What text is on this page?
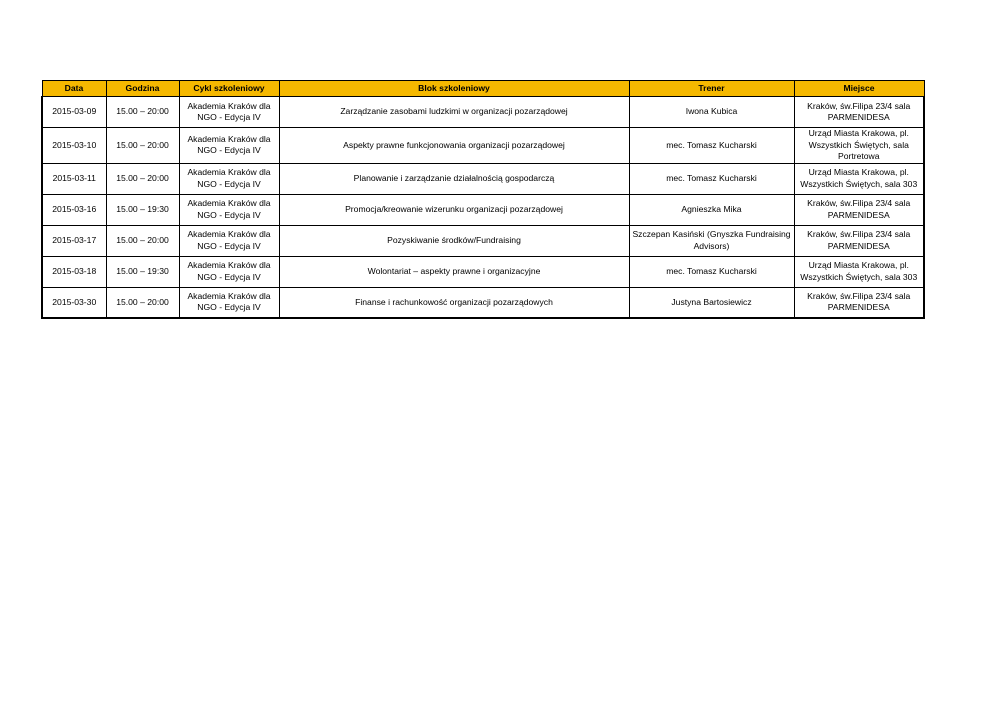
Data	Godzina	Cykl szkoleniowy	Blok szkoleniowy	Trener	Miejsce
2015-03-09	15.00 – 20:00	Akademia Kraków dla NGO - Edycja IV	Zarządzanie zasobami ludzkimi w organizacji pozarządowej	Iwona Kubica	Kraków, św.Filipa 23/4 sala PARMENIDESA
2015-03-10	15.00 – 20:00	Akademia Kraków dla NGO - Edycja IV	Aspekty prawne funkcjonowania organizacji pozarządowej	mec. Tomasz Kucharski	Urząd Miasta Krakowa, pl. Wszystkich Świętych, sala Portretowa
2015-03-11	15.00 – 20:00	Akademia Kraków dla NGO - Edycja IV	Planowanie i zarządzanie działalnością gospodarczą	mec. Tomasz Kucharski	Urząd Miasta Krakowa, pl. Wszystkich Świętych, sala 303
2015-03-16	15.00 – 19:30	Akademia Kraków dla NGO - Edycja IV	Promocja/kreowanie wizerunku organizacji pozarządowej	Agnieszka Mika	Kraków, św.Filipa 23/4 sala PARMENIDESA
2015-03-17	15.00 – 20:00	Akademia Kraków dla NGO - Edycja IV	Pozyskiwanie środków/Fundraising	Szczepan Kasiński (Gnyszka Fundraising Advisors)	Kraków, św.Filipa 23/4 sala PARMENIDESA
2015-03-18	15.00 – 19:30	Akademia Kraków dla NGO - Edycja IV	Wolontariat – aspekty prawne i organizacyjne	mec. Tomasz Kucharski	Urząd Miasta Krakowa, pl. Wszystkich Świętych, sala 303
2015-03-30	15.00 – 20:00	Akademia Kraków dla NGO - Edycja IV	Finanse i rachunkowość organizacji pozarządowych	Justyna Bartosiewicz	Kraków, św.Filipa 23/4 sala PARMENIDESA
